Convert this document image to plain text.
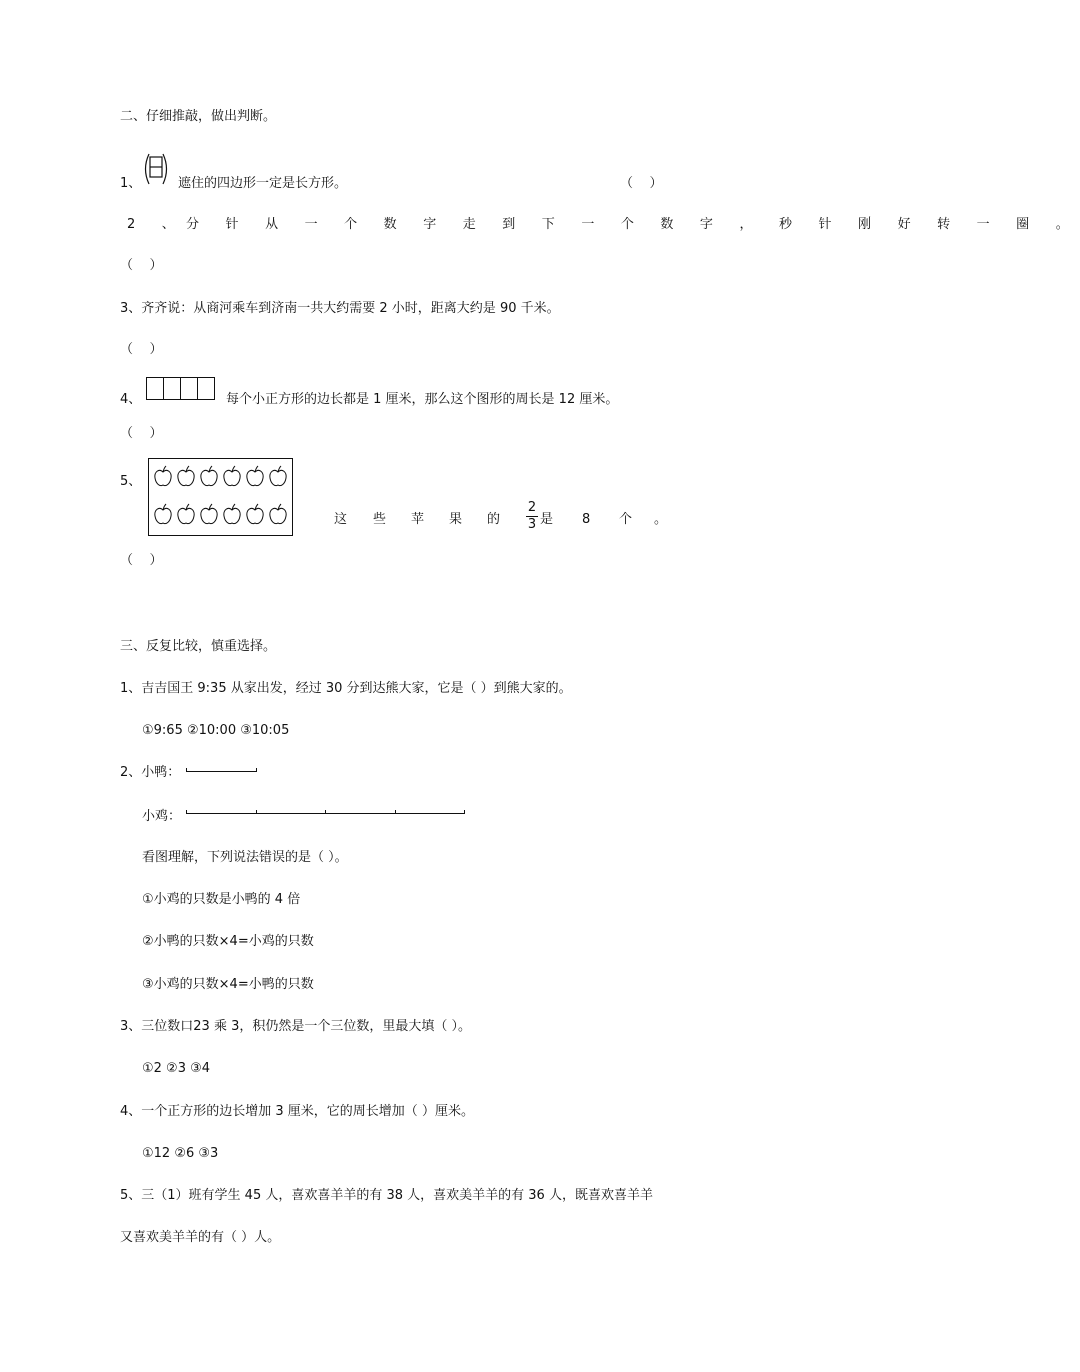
二、仔细推敲，做出判断。
1、	遮住的四边形一定是长方形。	（    ）
2 、分 针 从 一 个 数 字 走 到 下 一 个 数 字 ， 秒 针 刚 好 转 一 圈 。
（    ）
3、齐齐说：从商河乘车到济南一共大约需要 2 小时，距离大约是 90 千米。
（    ）
4、	每个小正方形的边长都是 1 厘米，那么这个图形的周长是 12 厘米。
（    ）
5、
这 些 苹 果 的
2
3 是 8 个 。
（    ）
三、反复比较，慎重选择。
1、吉吉国王 9:35 从家出发，经过 30 分到达熊大家，它是（ ）到熊大家的。
①9:65 ②10:00 ③10:05
2、小鸭：
小鸡：
看图理解，下列说法错误的是（ ）。
①小鸡的只数是小鸭的 4 倍
②小鸭的只数×4=小鸡的只数
③小鸡的只数×4=小鸭的只数
3、三位数口23 乘 3，积仍然是一个三位数，里最大填（ ）。
①2 ②3 ③4
4、一个正方形的边长增加 3 厘米，它的周长增加（ ）厘米。
①12 ②6 ③3
5、三（1）班有学生 45 人，喜欢喜羊羊的有 38 人，喜欢美羊羊的有 36 人，既喜欢喜羊羊
又喜欢美羊羊的有（ ）人。
